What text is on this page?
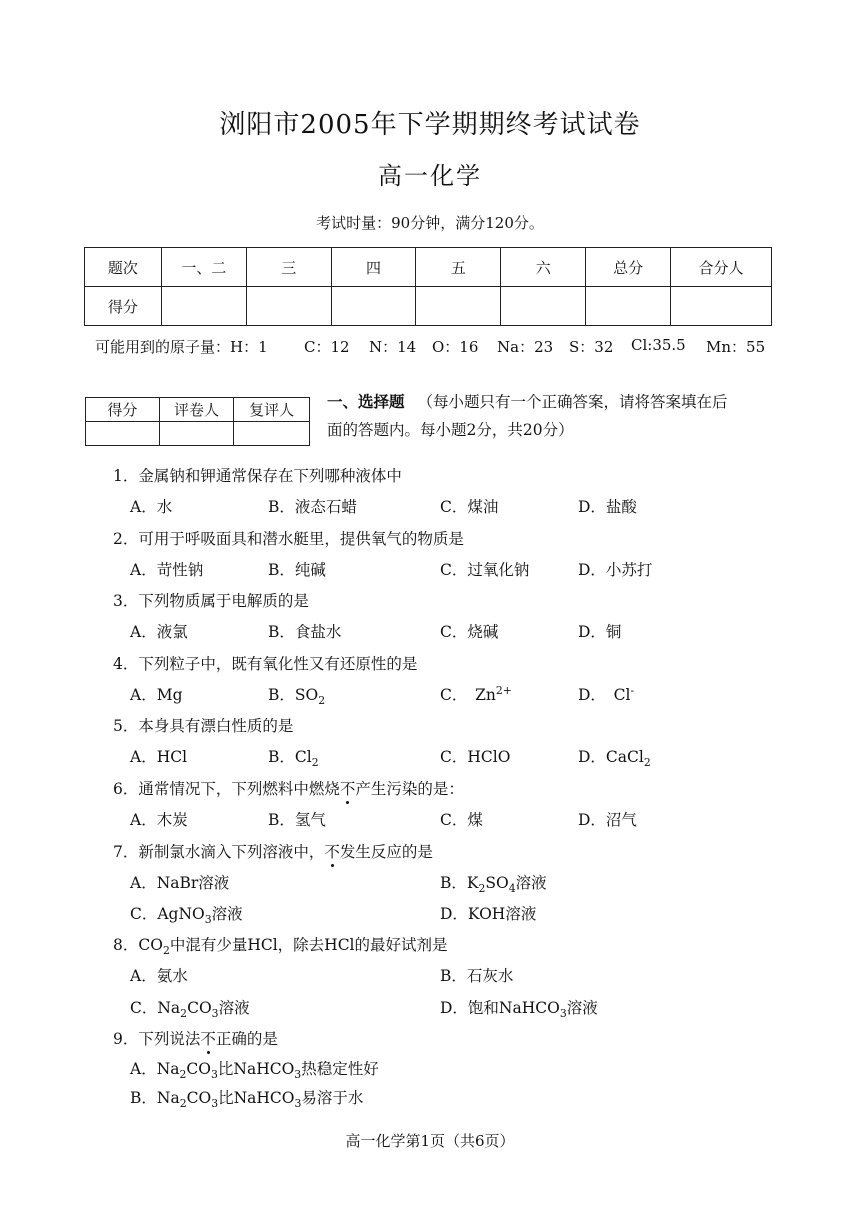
浏阳市2005年下学期期终考试试卷
高一化学
考试时量：90分钟，满分120分。
题次	一、二	三	四	五	六	总分	合分人
得分							
可能用到的原子量：H：1 C：12 N：14 O：16 Na：23 S：32 Cl:35.5 Mn：55
得分	评卷人	复评人
		一、选择题 （每小题只有一个正确答案，请将答案填在后
面的答题内。每小题2分，共20分）
1．金属钠和钾通常保存在下列哪种液体中
A．水	B．液态石蜡	C．煤油	D．盐酸
2．可用于呼吸面具和潜水艇里，提供氧气的物质是
A．苛性钠	B．纯碱	C．过氧化钠	D．小苏打
3．下列物质属于电解质的是
A．液氯	B．食盐水	C．烧碱	D．铜
4．下列粒子中，既有氧化性又有还原性的是
A．Mg	B．$SO_2$	C．　$Zn^{2+}$	D．　Cl-
5．本身具有漂白性质的是
A．HCl	B．$Cl_2$	C．HClO	D．CaCl$_2$
6．通常情况下，下列燃料中燃烧不产生污染的是：
A．木炭	B．氢气	C．煤	D．沼气
7．新制氯水滴入下列溶液中，不发生反应的是
A．NaBr溶液	B．$K_2SO_4$溶液
C．AgNO$_3$溶液	D．KOH溶液
8．$CO_2$中混有少量HCl，除去HCl的最好试剂是
A．氨水	B．石灰水
C．$Na_2CO_3$溶液	D．饱和NaHCO$_3$溶液
9．下列说法不正确的是
A．$Na_2CO_3$比NaHCO$_3$热稳定性好
B．$Na_2CO_3$比NaHCO$_3$易溶于水
高一化学第1页（共6页）
